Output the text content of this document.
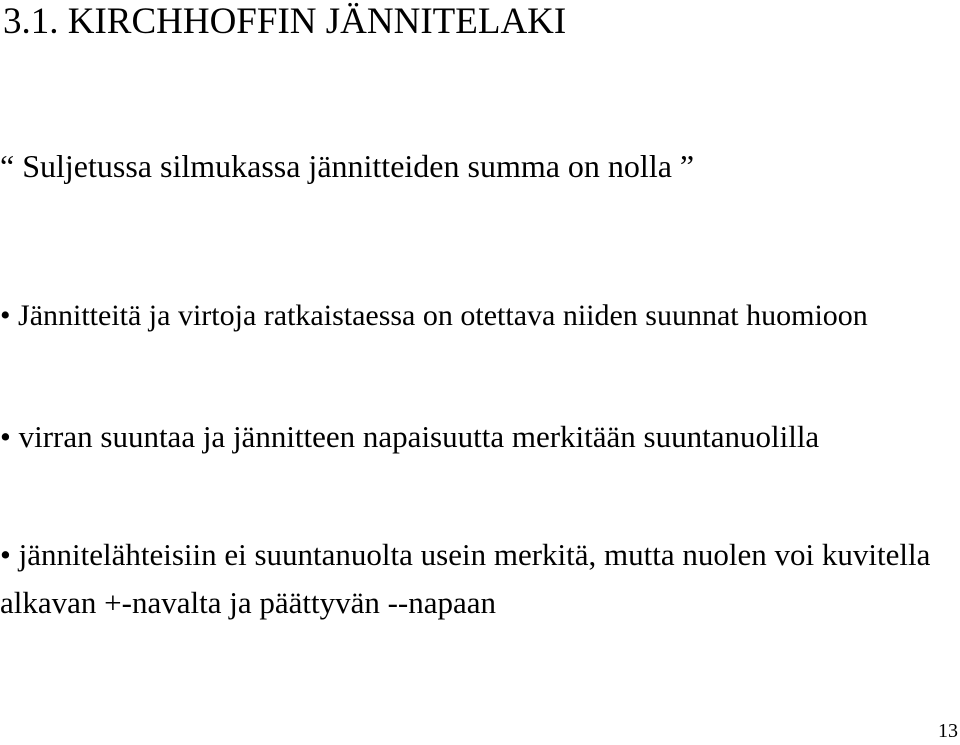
3.1. KIRCHHOFFIN JÄNNITELAKI
“ Suljetussa silmukassa jännitteiden summa on nolla ”
• Jännitteitä ja virtoja ratkaistaessa on otettava niiden suunnat huomioon
• virran suuntaa ja jännitteen napaisuutta merkitään suuntanuolilla
• jännitelähteisiin ei suuntanuolta usein merkitä, mutta nuolen voi kuvitella alkavan +-navalta ja päättyvän --napaan
13
